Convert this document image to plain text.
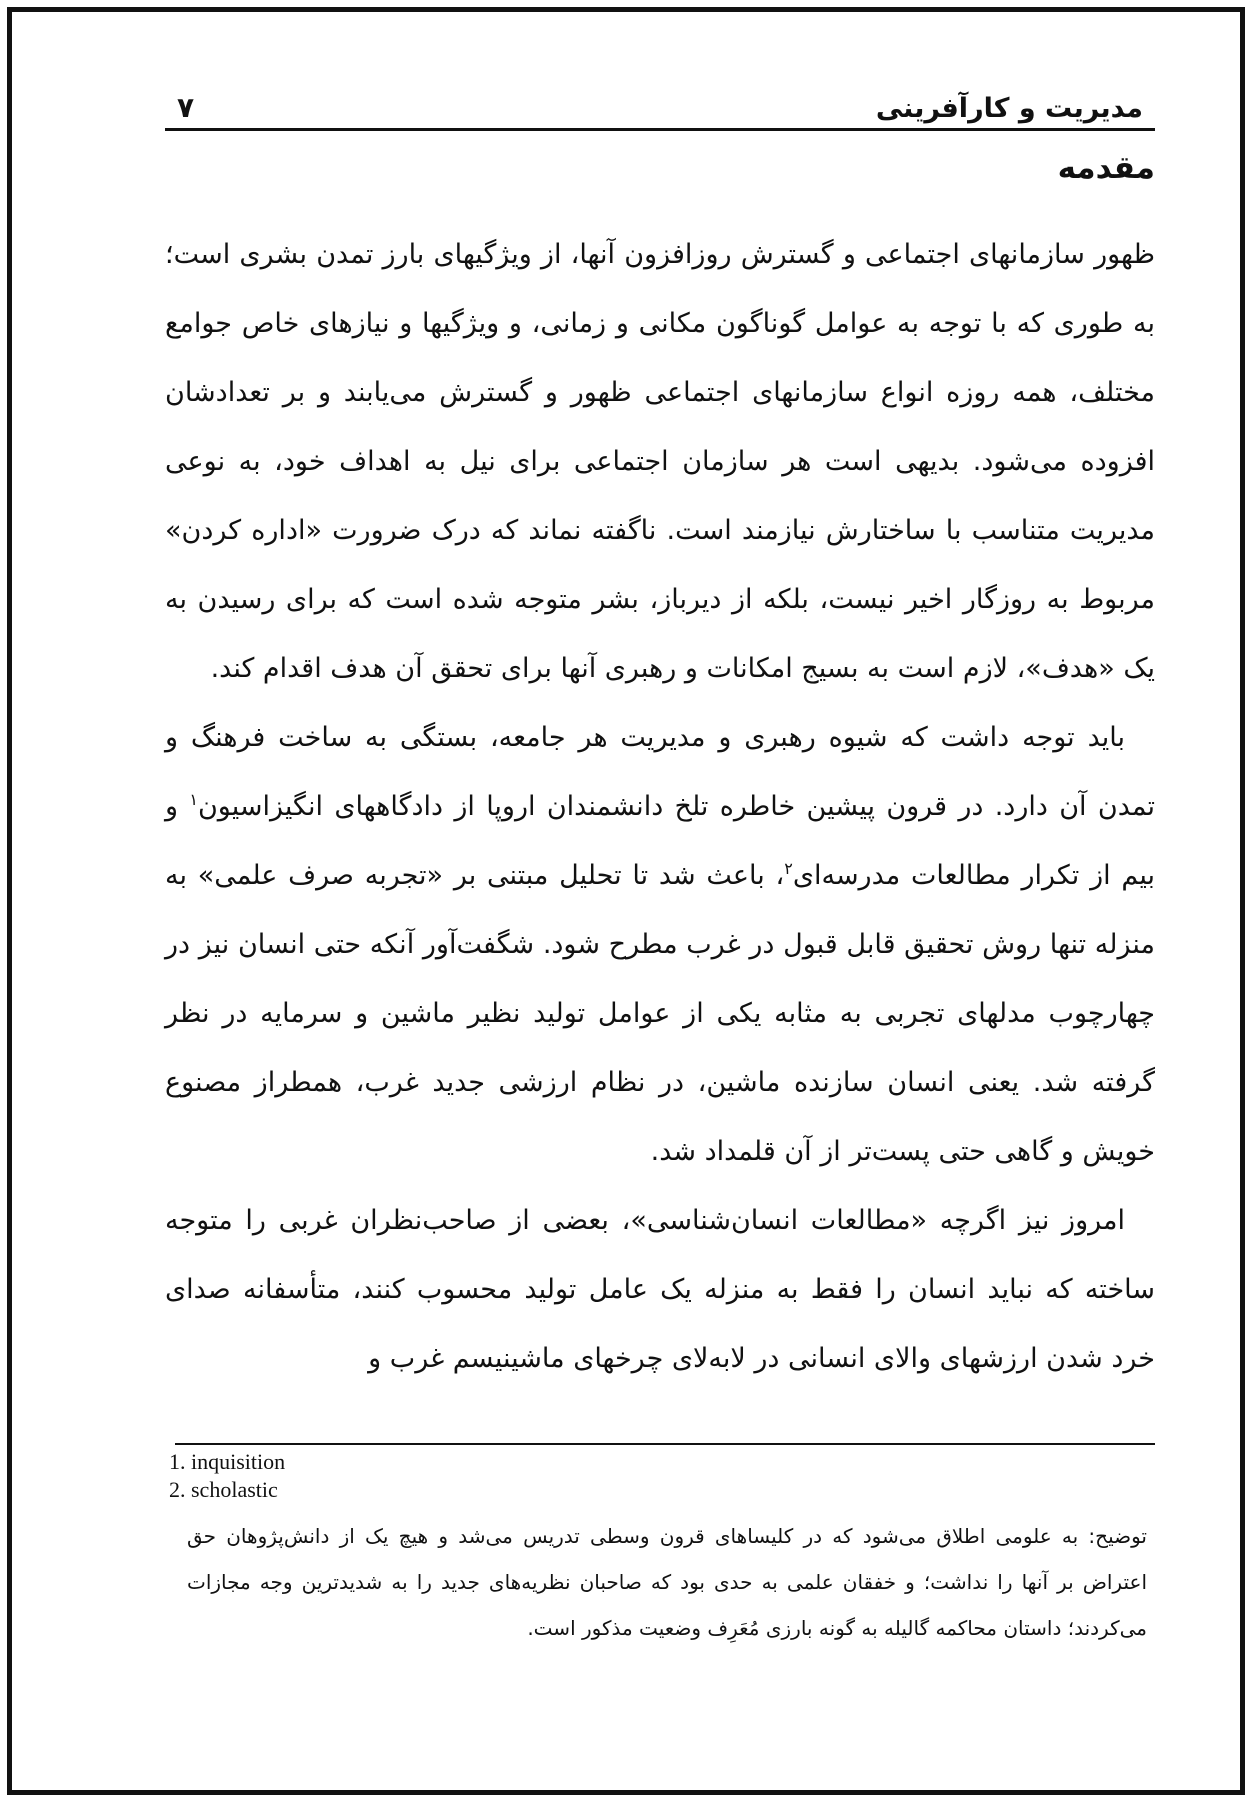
مدیریت و کارآفرینی
۷
مقدمه

ظهور سازمانهای اجتماعی و گسترش روزافزون آنها، از ویژگیهای بارز تمدن بشری است؛ به طوری که با توجه به عوامل گوناگون مکانی و زمانی، و ویژگیها و نیازهای خاص جوامع مختلف، همه روزه انواع سازمانهای اجتماعی ظهور و گسترش می‌یابند و بر تعدادشان افزوده می‌شود. بدیهی است هر سازمان اجتماعی برای نیل به اهداف خود، به نوعی مدیریت متناسب با ساختارش نیازمند است. ناگفته نماند که درک ضرورت «اداره کردن» مربوط به روزگار اخیر نیست، بلکه از دیرباز، بشر متوجه شده است که برای رسیدن به یک «هدف»، لازم است به بسیج امکانات و رهبری آنها برای تحقق آن هدف اقدام کند.

باید توجه داشت که شیوه رهبری و مدیریت هر جامعه، بستگی به ساخت فرهنگ و تمدن آن دارد. در قرون پیشین خاطره تلخ دانشمندان اروپا از دادگاههای انگیزاسیون$^۱$ و بیم از تکرار مطالعات مدرسه‌ای$^۲$، باعث شد تا تحلیل مبتنی بر «تجربه صرف علمی» به منزله تنها روش تحقیق قابل قبول در غرب مطرح شود. شگفت‌آور آنکه حتی انسان نیز در چهارچوب مدلهای تجربی به مثابه یکی از عوامل تولید نظیر ماشین و سرمایه در نظر گرفته شد. یعنی انسان سازنده ماشین، در نظام ارزشی جدید غرب، همطراز مصنوع خویش و گاهی حتی پست‌تر از آن قلمداد شد.

امروز نیز اگرچه «مطالعات انسان‌شناسی»، بعضی از صاحب‌نظران غربی را متوجه ساخته که نباید انسان را فقط به منزله یک عامل تولید محسوب کنند، متأسفانه صدای خرد شدن ارزشهای والای انسانی در لابه‌لای چرخهای ماشینیسم غرب و

1. inquisition
2. scholastic
توضیح: به علومی اطلاق می‌شود که در کلیساهای قرون وسطی تدریس می‌شد و هیچ یک از دانش‌پژوهان حق اعتراض بر آنها را نداشت؛ و خفقان علمی به حدی بود که صاحبان نظریه‌های جدید را به شدیدترین وجه مجازات می‌کردند؛ داستان محاکمه گالیله به گونه بارزی مُعَرِف وضعیت مذکور است.
